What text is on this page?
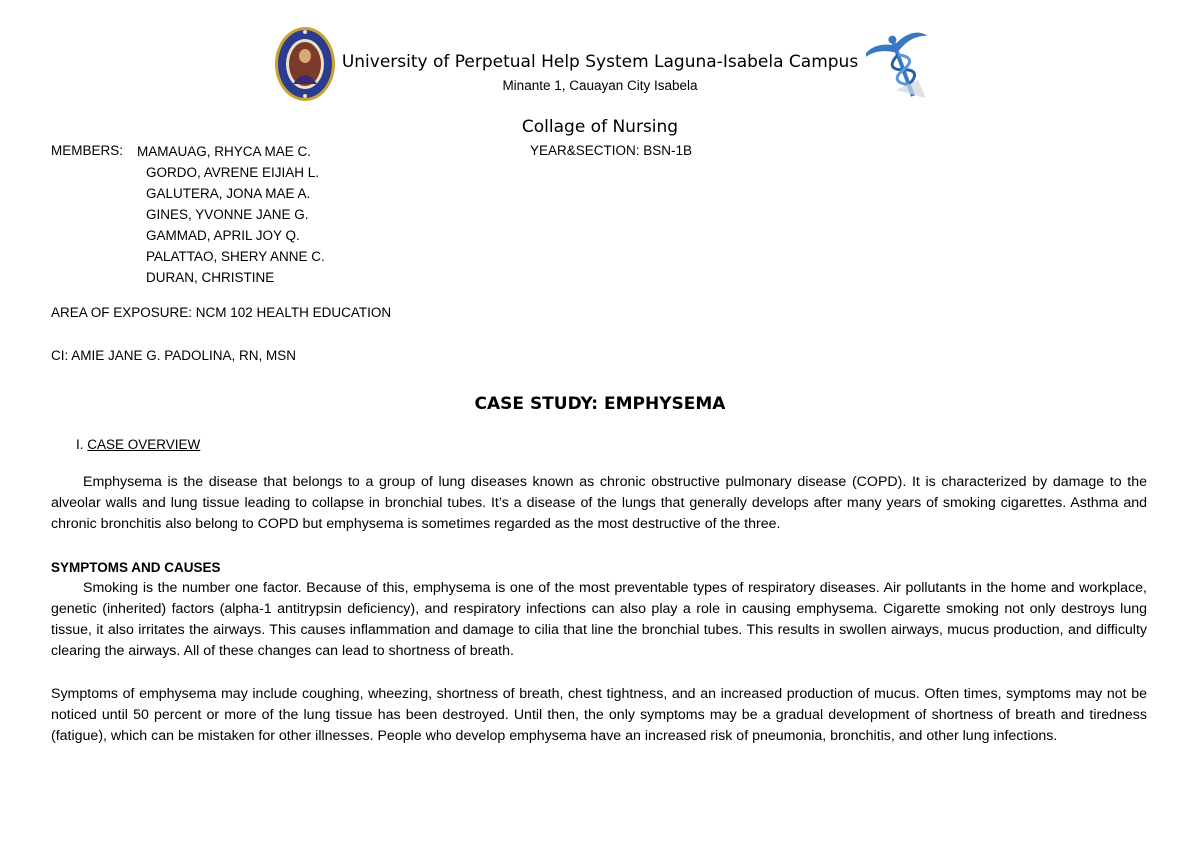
University of Perpetual Help System Laguna-Isabela Campus
Minante 1, Cauayan City Isabela
Collage of Nursing
MEMBERS: MAMAUAG, RHYCA MAE C.
GORDO, AVRENE EIJIAH L.
GALUTERA, JONA MAE A.
GINES, YVONNE JANE G.
GAMMAD, APRIL JOY Q.
PALATTAO, SHERY ANNE C.
DURAN, CHRISTINE
YEAR&SECTION: BSN-1B
AREA OF EXPOSURE: NCM 102 HEALTH EDUCATION
CI: AMIE JANE G. PADOLINA, RN, MSN
CASE STUDY: EMPHYSEMA
I. CASE OVERVIEW

Emphysema is the disease that belongs to a group of lung diseases known as chronic obstructive pulmonary disease (COPD). It is characterized by damage to the alveolar walls and lung tissue leading to collapse in bronchial tubes. It’s a disease of the lungs that generally develops after many years of smoking cigarettes. Asthma and chronic bronchitis also belong to COPD but emphysema is sometimes regarded as the most destructive of the three.

SYMPTOMS AND CAUSES

Smoking is the number one factor. Because of this, emphysema is one of the most preventable types of respiratory diseases. Air pollutants in the home and workplace, genetic (inherited) factors (alpha-1 antitrypsin deficiency), and respiratory infections can also play a role in causing emphysema. Cigarette smoking not only destroys lung tissue, it also irritates the airways. This causes inflammation and damage to cilia that line the bronchial tubes. This results in swollen airways, mucus production, and difficulty clearing the airways. All of these changes can lead to shortness of breath.

Symptoms of emphysema may include coughing, wheezing, shortness of breath, chest tightness, and an increased production of mucus. Often times, symptoms may not be noticed until 50 percent or more of the lung tissue has been destroyed. Until then, the only symptoms may be a gradual development of shortness of breath and tiredness (fatigue), which can be mistaken for other illnesses. People who develop emphysema have an increased risk of pneumonia, bronchitis, and other lung infections.
